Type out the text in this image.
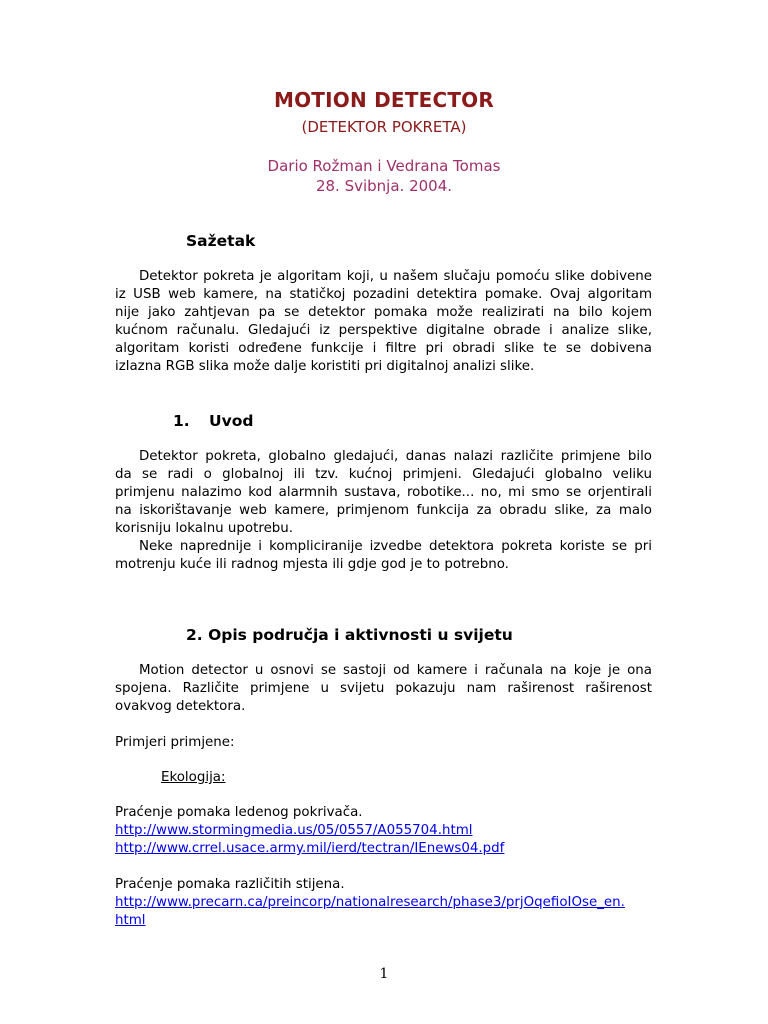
MOTION DETECTOR
(DETEKTOR POKRETA)
Dario Rožman i Vedrana Tomas
28. Svibnja. 2004.
Sažetak
Detektor pokreta je algoritam koji, u našem slučaju pomoću slike dobivene
iz USB web kamere, na statičkoj pozadini detektira pomake. Ovaj algoritam
nije jako zahtjevan pa se detektor pomaka može realizirati na bilo kojem
kućnom računalu. Gledajući iz perspektive digitalne obrade i analize slike,
algoritam koristi određene funkcije i filtre pri obradi slike te se dobivena
izlazna RGB slika može dalje koristiti pri digitalnoj analizi slike.
1. Uvod
Detektor pokreta, globalno gledajući, danas nalazi različite primjene bilo
da se radi o globalnoj ili tzv. kućnoj primjeni. Gledajući globalno veliku
primjenu nalazimo kod alarmnih sustava, robotike... no, mi smo se orjentirali
na iskorištavanje web kamere, primjenom funkcija za obradu slike, za malo
korisniju lokalnu upotrebu.
Neke naprednije i kompliciranije izvedbe detektora pokreta koriste se pri
motrenju kuće ili radnog mjesta ili gdje god je to potrebno.
2. Opis područja i aktivnosti u svijetu
Motion detector u osnovi se sastoji od kamere i računala na koje je ona
spojena. Različite primjene u svijetu pokazuju nam raširenost raširenost
ovakvog detektora.
Primjeri primjene:
Ekologija:
Praćenje pomaka ledenog pokrivača.
http://www.stormingmedia.us/05/0557/A055704.html
http://www.crrel.usace.army.mil/ierd/tectran/IEnews04.pdf
Praćenje pomaka različitih stijena.
http://www.precarn.ca/preincorp/nationalresearch/phase3/prjOqefioIOse_en.
html
1
